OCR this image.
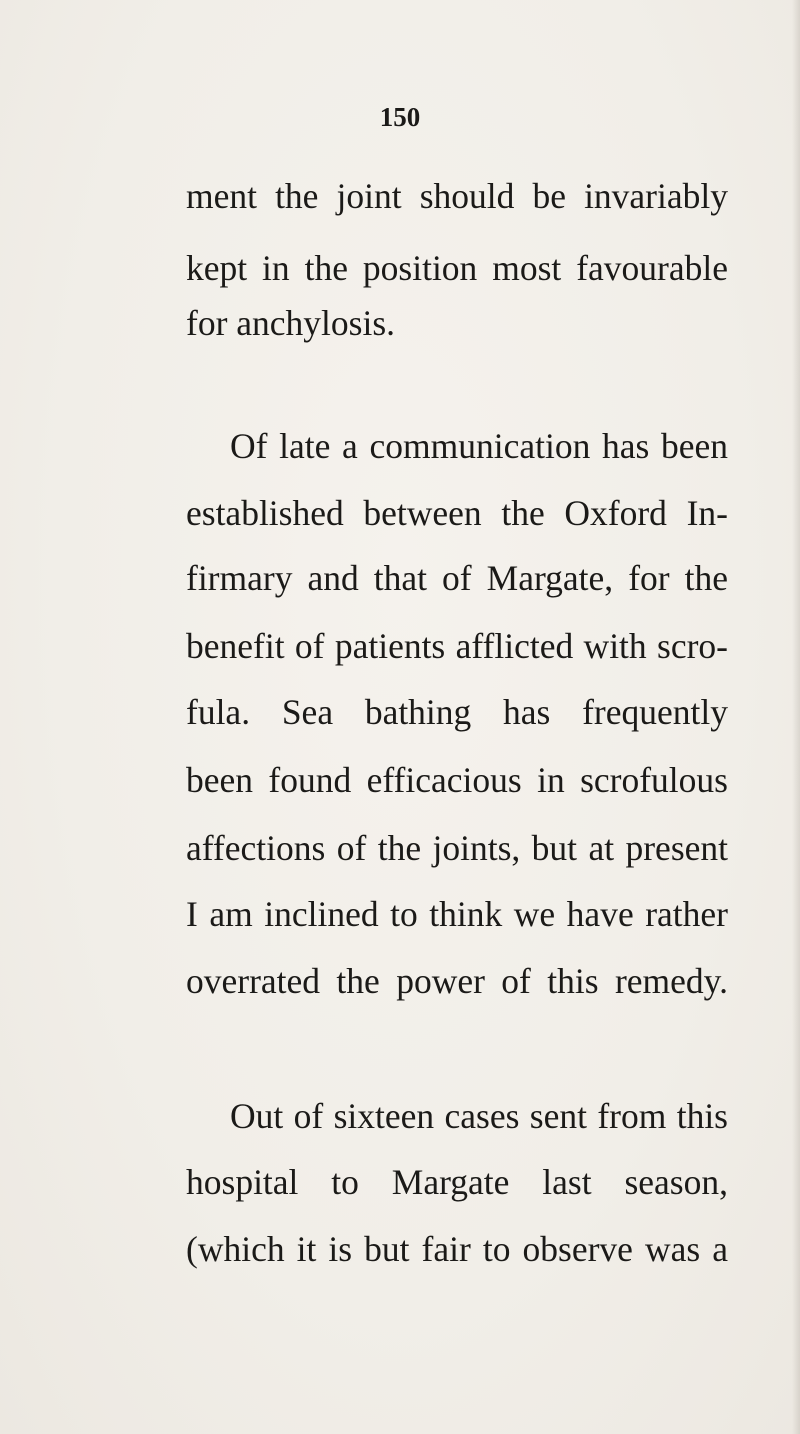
150
ment the joint should be invariably
kept in the position most favourable
for anchylosis.
Of late a communication has been
established between the Oxford In-
firmary and that of Margate, for the
benefit of patients afflicted with scro-
fula. Sea bathing has frequently
been found efficacious in scrofulous
affections of the joints, but at present
I am inclined to think we have rather
overrated the power of this remedy.
Out of sixteen cases sent from this
hospital to Margate last season,
(which it is but fair to observe was a
